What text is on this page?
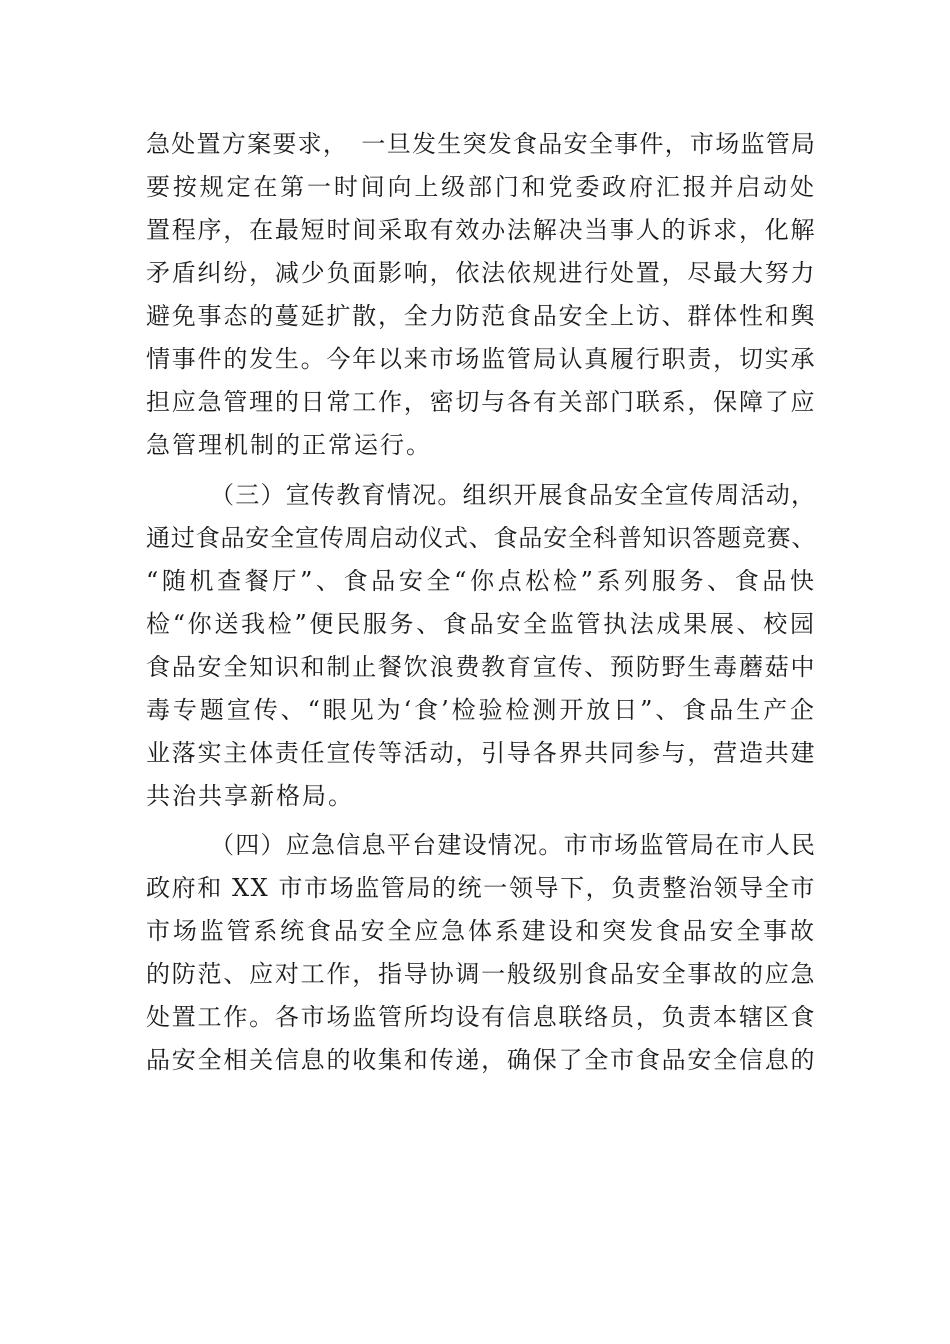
急处置方案要求，　一旦发生突发食品安全事件，市场监管局
要按规定在第一时间向上级部门和党委政府汇报并启动处
置程序，在最短时间采取有效办法解决当事人的诉求，化解
矛盾纠纷，减少负面影响，依法依规进行处置，尽最大努力
避免事态的蔓延扩散，全力防范食品安全上访、群体性和舆
情事件的发生。今年以来市场监管局认真履行职责，切实承
担应急管理的日常工作，密切与各有关部门联系，保障了应
急管理机制的正常运行。
（三）宣传教育情况。组织开展食品安全宣传周活动，
通过食品安全宣传周启动仪式、食品安全科普知识答题竞赛、
“随机查餐厅”、食品安全“你点松检”系列服务、食品快
检“你送我检”便民服务、食品安全监管执法成果展、校园
食品安全知识和制止餐饮浪费教育宣传、预防野生毒蘑菇中
毒专题宣传、“眼见为‘食’检验检测开放日”、食品生产企
业落实主体责任宣传等活动，引导各界共同参与，营造共建
共治共享新格局。
（四）应急信息平台建设情况。市市场监管局在市人民
政府和 XX 市市场监管局的统一领导下，负责整治领导全市
市场监管系统食品安全应急体系建设和突发食品安全事故
的防范、应对工作，指导协调一般级别食品安全事故的应急
处置工作。各市场监管所均设有信息联络员，负责本辖区食
品安全相关信息的收集和传递，确保了全市食品安全信息的
